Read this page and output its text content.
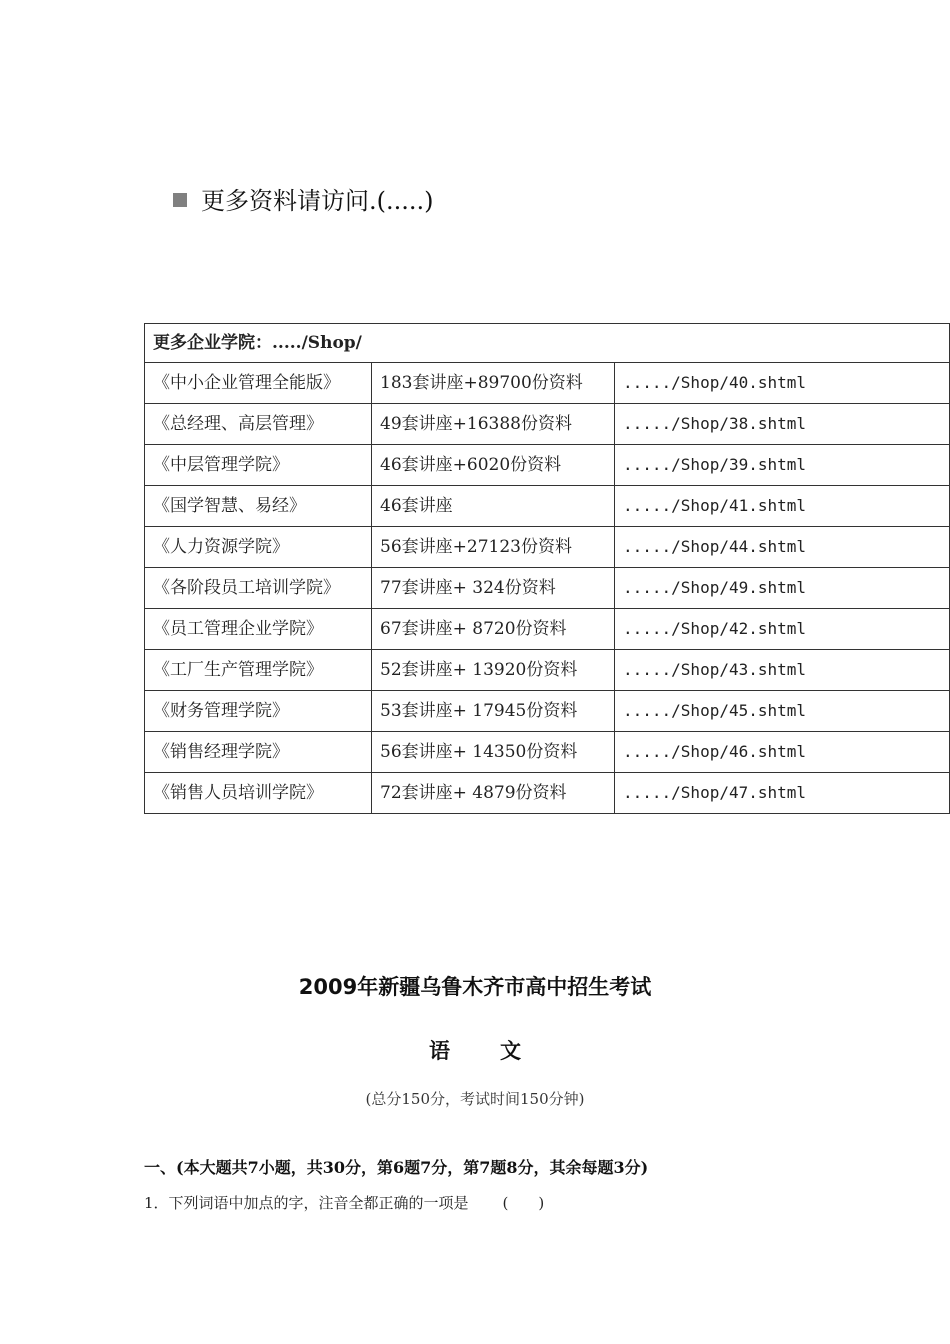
更多资料请访问.(.....)
更多企业学院：...../Shop/		
《中小企业管理全能版》	183套讲座+89700份资料	...../Shop/40.shtml
《总经理、高层管理》	49套讲座+16388份资料	...../Shop/38.shtml
《中层管理学院》	46套讲座+6020份资料	...../Shop/39.shtml
《国学智慧、易经》	46套讲座	...../Shop/41.shtml
《人力资源学院》	56套讲座+27123份资料	...../Shop/44.shtml
《各阶段员工培训学院》	77套讲座+ 324份资料	...../Shop/49.shtml
《员工管理企业学院》	67套讲座+ 8720份资料	...../Shop/42.shtml
《工厂生产管理学院》	52套讲座+ 13920份资料	...../Shop/43.shtml
《财务管理学院》	53套讲座+ 17945份资料	...../Shop/45.shtml
《销售经理学院》	56套讲座+ 14350份资料	...../Shop/46.shtml
《销售人员培训学院》	72套讲座+ 4879份资料	...../Shop/47.shtml
2009年新疆乌鲁木齐市高中招生考试
语 文
(总分150分，考试时间150分钟)
一、(本大题共7小题，共30分，第6题7分，第7题8分，其余每题3分)
1．下列词语中加点的字，注音全都正确的一项是 (　　)
